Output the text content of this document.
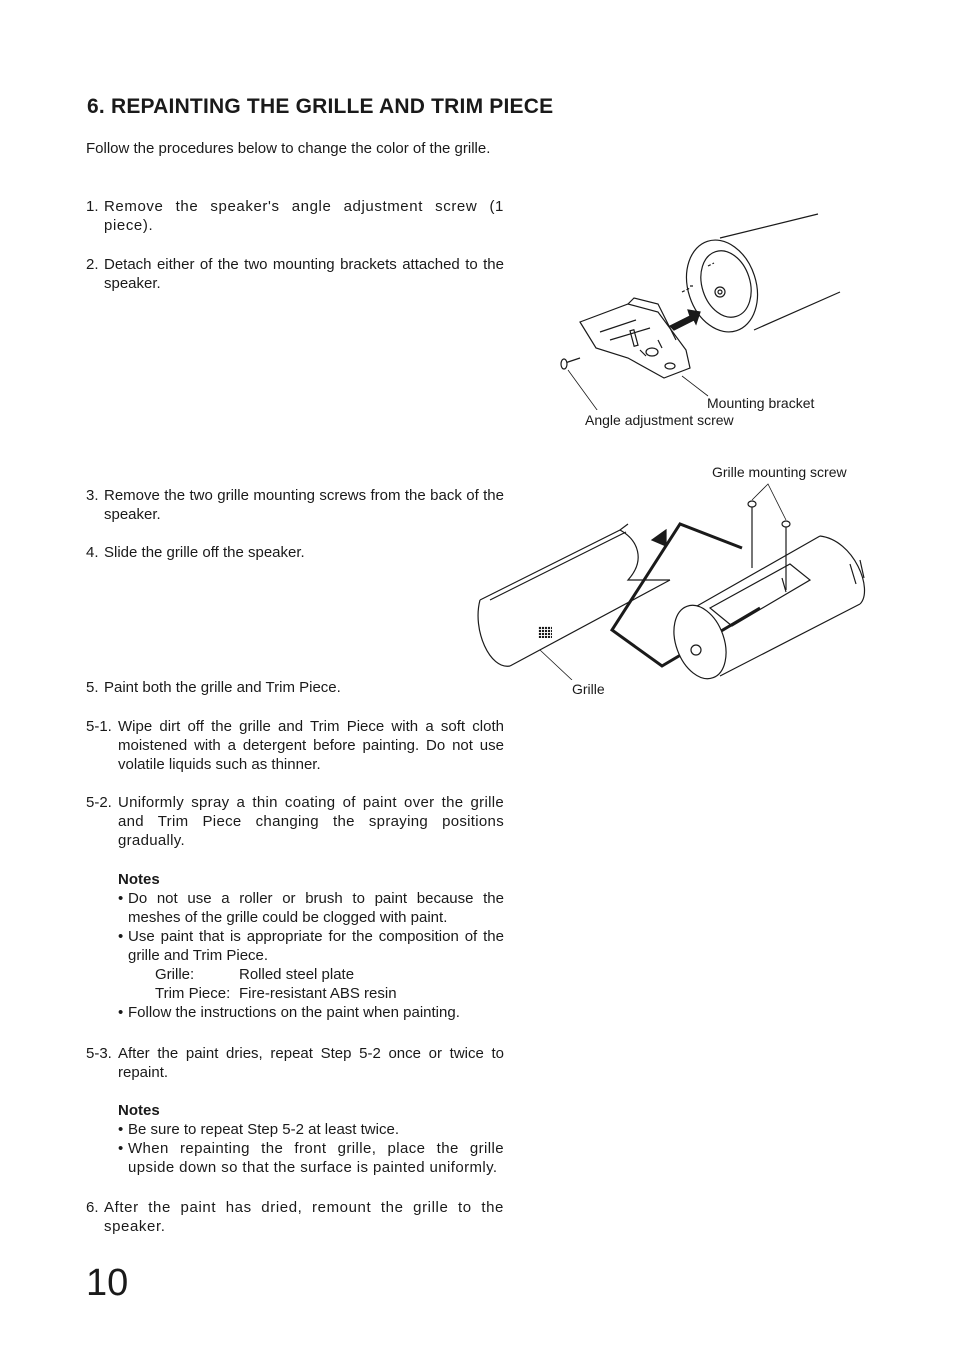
6. REPAINTING THE GRILLE AND TRIM PIECE
Follow the procedures below to change the color of the grille.
1. Remove the speaker's angle adjustment screw (1 piece).
2. Detach either of the two mounting brackets attached to the speaker.
3. Remove the two grille mounting screws from the back of the speaker.
4. Slide the grille off the speaker.
5. Paint both the grille and Trim Piece.
5-1. Wipe dirt off the grille and Trim Piece with a soft cloth moistened with a detergent before painting. Do not use volatile liquids such as thinner.
5-2. Uniformly spray a thin coating of paint over the grille and Trim Piece changing the spraying positions gradually.
Notes
• Do not use a roller or brush to paint because the meshes of the grille could be clogged with paint.
• Use paint that is appropriate for the composition of the grille and Trim Piece.
Grille:	Rolled steel plate
Trim Piece: Fire-resistant ABS resin
• Follow the instructions on the paint when painting.
5-3. After the paint dries, repeat Step 5-2 once or twice to repaint.
Notes
• Be sure to repeat Step 5-2 at least twice.
• When repainting the front grille, place the grille upside down so that the surface is painted uniformly.
6. After the paint has dried, remount the grille to the speaker.
10
Mounting bracket
Angle adjustment screw
Grille mounting screw
Grille
